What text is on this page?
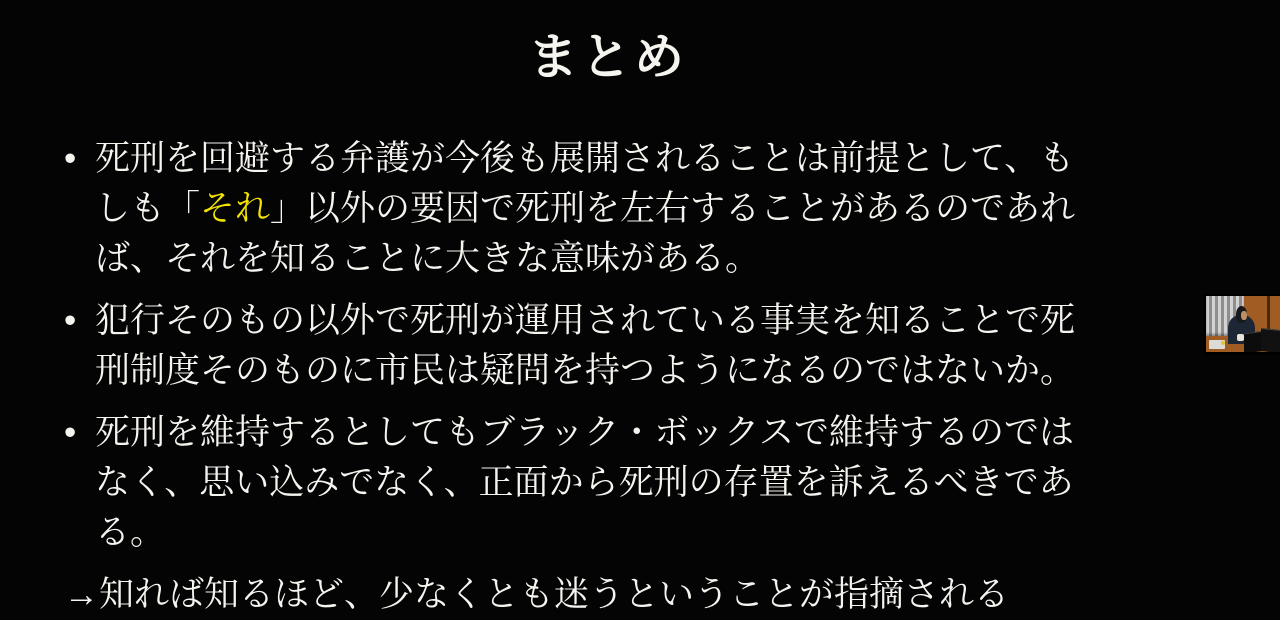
まとめ
• 死刑を回避する弁護が今後も展開されることは前提として、もしも「それ」以外の要因で死刑を左右することがあるのであれば、それを知ることに大きな意味がある。
• 犯行そのもの以外で死刑が運用されている事実を知ることで死刑制度そのものに市民は疑問を持つようになるのではないか。
• 死刑を維持するとしてもブラック・ボックスで維持するのではなく、思い込みでなく、正面から死刑の存置を訴えるべきである。
→知れば知るほど、少なくとも迷うということが指摘される
